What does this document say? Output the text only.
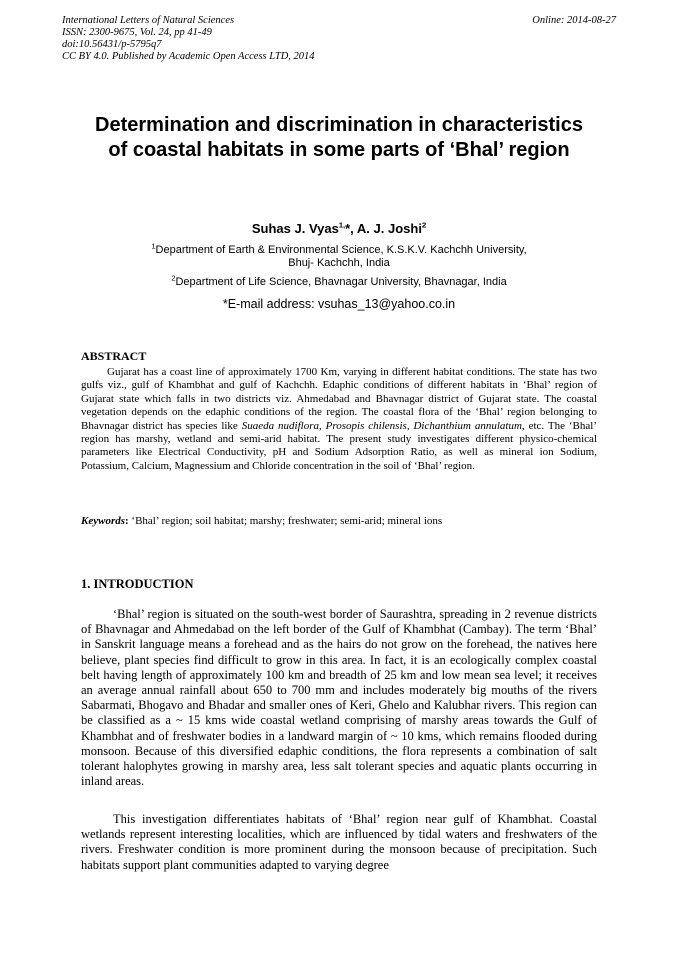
International Letters of Natural Sciences
ISSN: 2300-9675, Vol. 24, pp 41-49
doi:10.56431/p-5795q7
CC BY 4.0. Published by Academic Open Access LTD, 2014
Online: 2014-08-27
Determination and discrimination in characteristics
of coastal habitats in some parts of ‘Bhal’ region
Suhas J. Vyas$^{1,}$*, A. J. Joshi$^2$
$^1$Department of Earth & Environmental Science, K.S.K.V. Kachchh University,
Bhuj- Kachchh, India
$^2$Department of Life Science, Bhavnagar University, Bhavnagar, India
*E-mail address: vsuhas_13@yahoo.co.in
ABSTRACT

Gujarat has a coast line of approximately 1700 Km, varying in different habitat conditions. The state has two gulfs viz., gulf of Khambhat and gulf of Kachchh. Edaphic conditions of different habitats in ‘Bhal’ region of Gujarat state which falls in two districts viz. Ahmedabad and Bhavnagar district of Gujarat state. The coastal vegetation depends on the edaphic conditions of the region. The coastal flora of the ‘Bhal’ region belonging to Bhavnagar district has species like Suaeda nudiflora, Prosopis chilensis, Dichanthium annulatum, etc. The ‘Bhal’ region has marshy, wetland and semi-arid habitat. The present study investigates different physico-chemical parameters like Electrical Conductivity, pH and Sodium Adsorption Ratio, as well as mineral ion Sodium, Potassium, Calcium, Magnessium and Chloride concentration in the soil of ‘Bhal’ region.

Keywords: ‘Bhal’ region; soil habitat; marshy; freshwater; semi-arid; mineral ions
1. INTRODUCTION

‘Bhal’ region is situated on the south-west border of Saurashtra, spreading in 2 revenue districts of Bhavnagar and Ahmedabad on the left border of the Gulf of Khambhat (Cambay). The term ‘Bhal’ in Sanskrit language means a forehead and as the hairs do not grow on the forehead, the natives here believe, plant species find difficult to grow in this area. In fact, it is an ecologically complex coastal belt having length of approximately 100 km and breadth of 25 km and low mean sea level; it receives an average annual rainfall about 650 to 700 mm and includes moderately big mouths of the rivers Sabarmati, Bhogavo and Bhadar and smaller ones of Keri, Ghelo and Kalubhar rivers. This region can be classified as a ~ 15 kms wide coastal wetland comprising of marshy areas towards the Gulf of Khambhat and of freshwater bodies in a landward margin of ~ 10 kms, which remains flooded during monsoon. Because of this diversified edaphic conditions, the flora represents a combination of salt tolerant halophytes growing in marshy area, less salt tolerant species and aquatic plants occurring in inland areas.

This investigation differentiates habitats of ‘Bhal’ region near gulf of Khambhat. Coastal wetlands represent interesting localities, which are influenced by tidal waters and freshwaters of the rivers. Freshwater condition is more prominent during the monsoon because of precipitation. Such habitats support plant communities adapted to varying degree
